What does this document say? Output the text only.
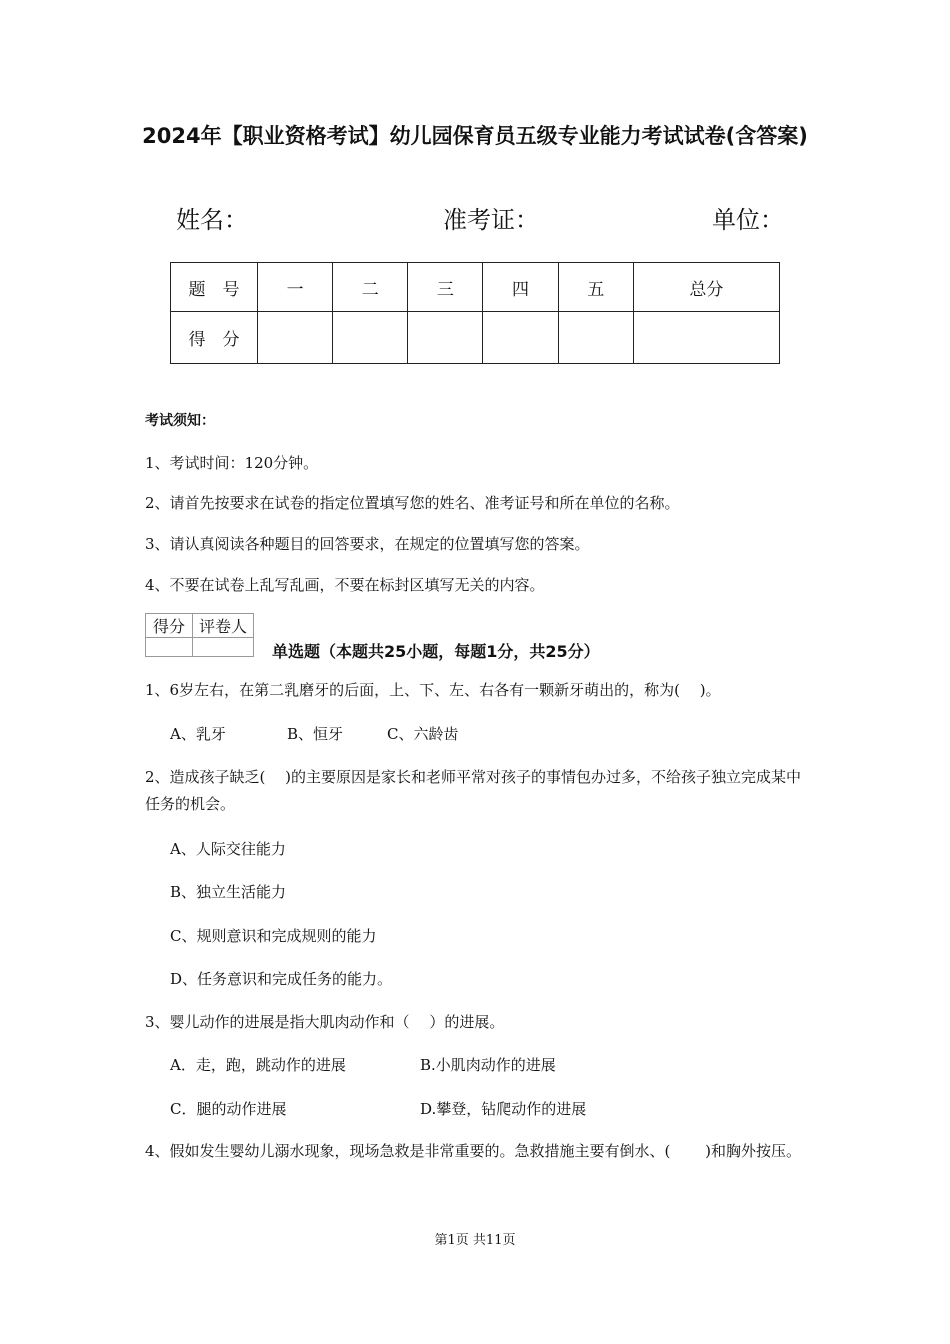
2024年【职业资格考试】幼儿园保育员五级专业能力考试试卷(含答案)
姓名：	准考证：	单位：
题　号	一	二	三	四	五	总分
得　分						
考试须知：
1、考试时间：120分钟。
2、请首先按要求在试卷的指定位置填写您的姓名、准考证号和所在单位的名称。
3、请认真阅读各种题目的回答要求，在规定的位置填写您的答案。
4、不要在试卷上乱写乱画，不要在标封区填写无关的内容。
得分	评卷人

单选题（本题共25小题，每题1分，共25分）
1、6岁左右，在第二乳磨牙的后面，上、下、左、右各有一颗新牙萌出的，称为(　 )。
A、乳牙	B、恒牙	C、六龄齿
2、造成孩子缺乏(　 )的主要原因是家长和老师平常对孩子的事情包办过多，不给孩子独立完成某中任务的机会。
A、人际交往能力
B、独立生活能力
C、规则意识和完成规则的能力
D、任务意识和完成任务的能力。
3、婴儿动作的进展是指大肌肉动作和（　 ）的进展。
A．走，跑，跳动作的进展	B.小肌肉动作的进展
C．腿的动作进展	D.攀登，钻爬动作的进展
4、假如发生婴幼儿溺水现象，现场急救是非常重要的。急救措施主要有倒水、(　　 )和胸外按压。
第1页 共11页
